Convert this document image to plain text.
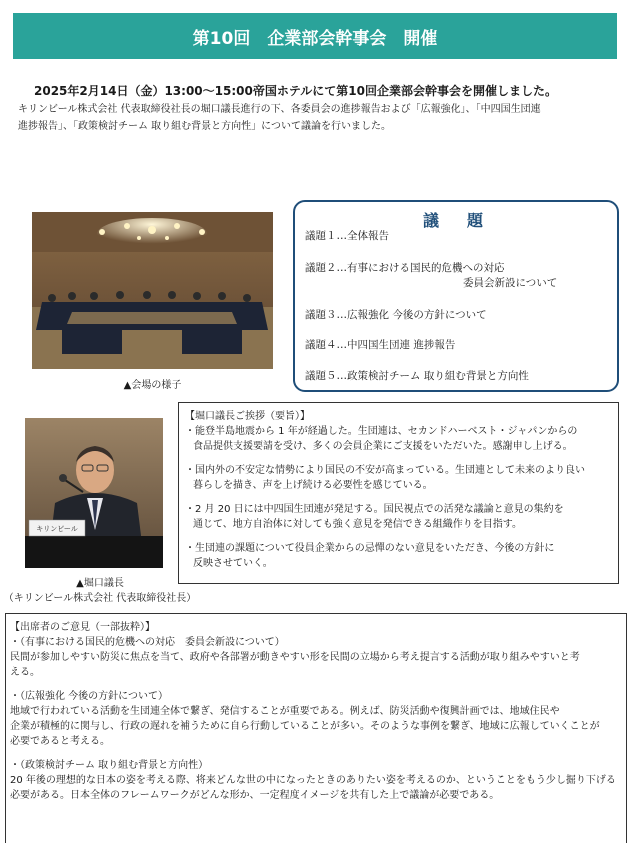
第10回　企業部会幹事会　開催
2025年2月14日（金）13:00～15:00帝国ホテルにて第10回企業部会幹事会を開催しました。
キリンビール株式会社 代表取締役社長の堀口議長進行の下、各委員会の進捗報告および「広報強化」、「中四国生団連
進捗報告」、「政策検討チーム 取り組む背景と方向性」について議論を行いました。
▲会場の様子
議　題
議題１…全体報告
議題２…有事における国民的危機への対応
委員会新設について
議題３…広報強化 今後の方針について
議題４…中四国生団連 進捗報告
議題５…政策検討チーム 取り組む背景と方向性
キリンビール
▲堀口議長
（キリンビール株式会社 代表取締役社長）
【堀口議長ご挨拶（要旨）】
・能登半島地震から 1 年が経過した。生団連は、セカンドハーベスト・ジャパンからの
食品提供支援要請を受け、多くの会員企業にご支援をいただいた。感謝申し上げる。
・国内外の不安定な情勢により国民の不安が高まっている。生団連として未来のより良い
暮らしを描き、声を上げ続ける必要性を感じている。
・2 月 20 日には中四国生団連が発足する。国民視点での活発な議論と意見の集約を
通じて、地方自治体に対しても強く意見を発信できる組織作りを目指す。
・生団連の課題について役員企業からの忌憚のない意見をいただき、今後の方針に
反映させていく。
【出席者のご意見（一部抜粋）】
・（有事における国民的危機への対応　委員会新設について）
民間が参加しやすい防災に焦点を当て、政府や各部署が動きやすい形を民間の立場から考え提言する活動が取り組みやすいと考
える。
・（広報強化 今後の方針について）
地域で行われている活動を生団連全体で繋ぎ、発信することが重要である。例えば、防災活動や復興計画では、地域住民や
企業が積極的に関与し、行政の遅れを補うために自ら行動していることが多い。そのような事例を繋ぎ、地域に広報していくことが
必要であると考える。
・（政策検討チーム 取り組む背景と方向性）
20 年後の理想的な日本の姿を考える際、将来どんな世の中になったときのありたい姿を考えるのか、ということをもう少し掘り下げる
必要がある。日本全体のフレームワークがどんな形か、一定程度イメージを共有した上で議論が必要である。
